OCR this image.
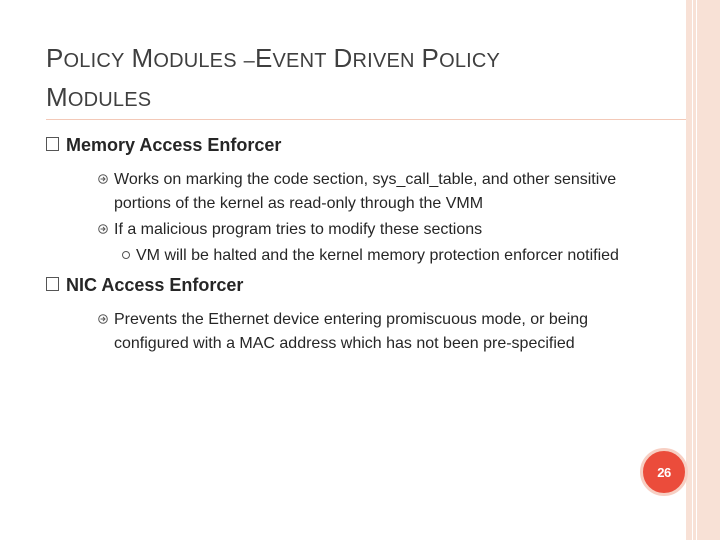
POLICY MODULES –EVENT DRIVEN POLICY
MODULES
Memory Access Enforcer
Works on marking the code section, sys_call_table, and other sensitive portions of the kernel as read-only through the VMM
If a malicious program tries to modify these sections
VM will be halted and the kernel memory protection enforcer notified
NIC Access Enforcer
Prevents the Ethernet device entering promiscuous mode, or being configured with a MAC address which has not been pre-specified
26
